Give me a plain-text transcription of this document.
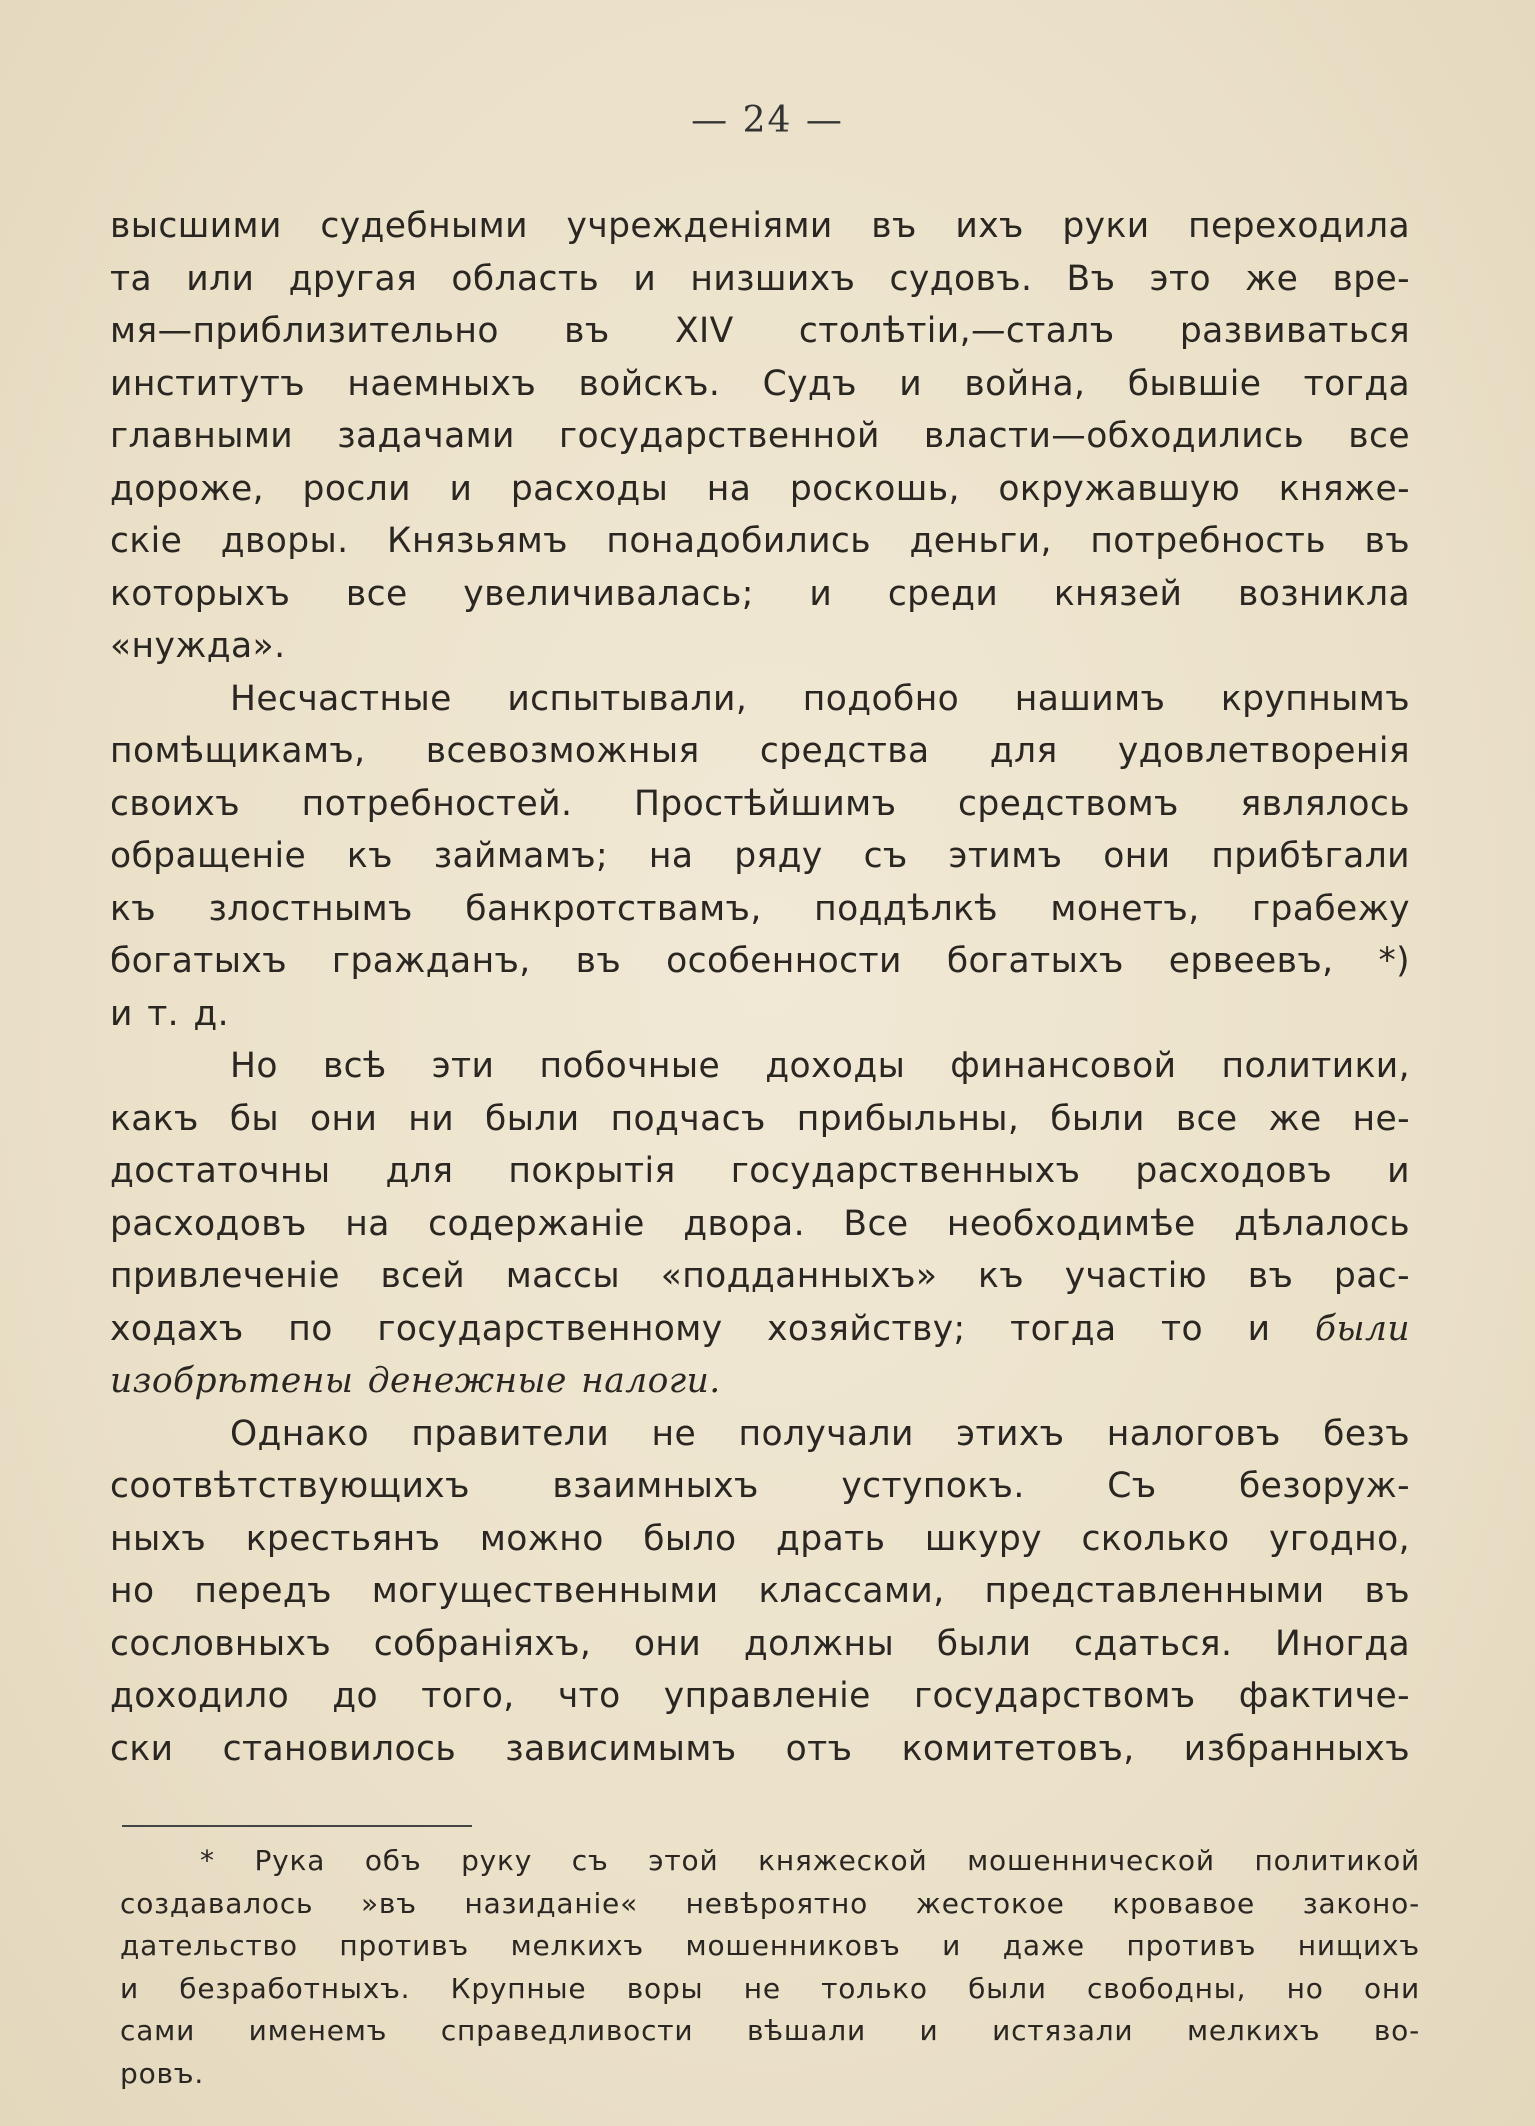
— 24 —
высшими судебными учрежденіями въ ихъ руки переходила
та или другая область и низшихъ судовъ. Въ это же вре-
мя—приблизительно въ XIV столѣтіи,—сталъ развиваться
институтъ наемныхъ войскъ. Судъ и война, бывшіе тогда
главными задачами государственной власти—обходились все
дороже, росли и расходы на роскошь, окружавшую княже-
скіе дворы. Князьямъ понадобились деньги, потребность въ
которыхъ все увеличивалась; и среди князей возникла
«нужда».
Несчастные испытывали, подобно нашимъ крупнымъ
помѣщикамъ, всевозможныя средства для удовлетворенія
своихъ потребностей. Простѣйшимъ средствомъ являлось
обращеніе къ займамъ; на ряду съ этимъ они прибѣгали
къ злостнымъ банкротствамъ, поддѣлкѣ монетъ, грабежу
богатыхъ гражданъ, въ особенности богатыхъ ервеевъ, *)
и т. д.
Но всѣ эти побочные доходы финансовой политики,
какъ бы они ни были подчасъ прибыльны, были все же не-
достаточны для покрытія государственныхъ расходовъ и
расходовъ на содержаніе двора. Все необходимѣе дѣлалось
привлеченіе всей массы «подданныхъ» къ участію въ рас-
ходахъ по государственному хозяйству; тогда то и были
изобрѣтены денежные налоги.
Однако правители не получали этихъ налоговъ безъ
соотвѣтствующихъ взаимныхъ уступокъ. Съ безоруж-
ныхъ крестьянъ можно было драть шкуру сколько угодно,
но передъ могущественными классами, представленными въ
сословныхъ собраніяхъ, они должны были сдаться. Иногда
доходило до того, что управленіе государствомъ фактиче-
ски становилось зависимымъ отъ комитетовъ, избранныхъ
* Рука объ руку съ этой княжеской мошеннической политикой
создавалось »въ назиданіе« невѣроятно жестокое кровавое законо-
дательство противъ мелкихъ мошенниковъ и даже противъ нищихъ
и безработныхъ. Крупные воры не только были свободны, но они
сами именемъ справедливости вѣшали и истязали мелкихъ во-
ровъ.
